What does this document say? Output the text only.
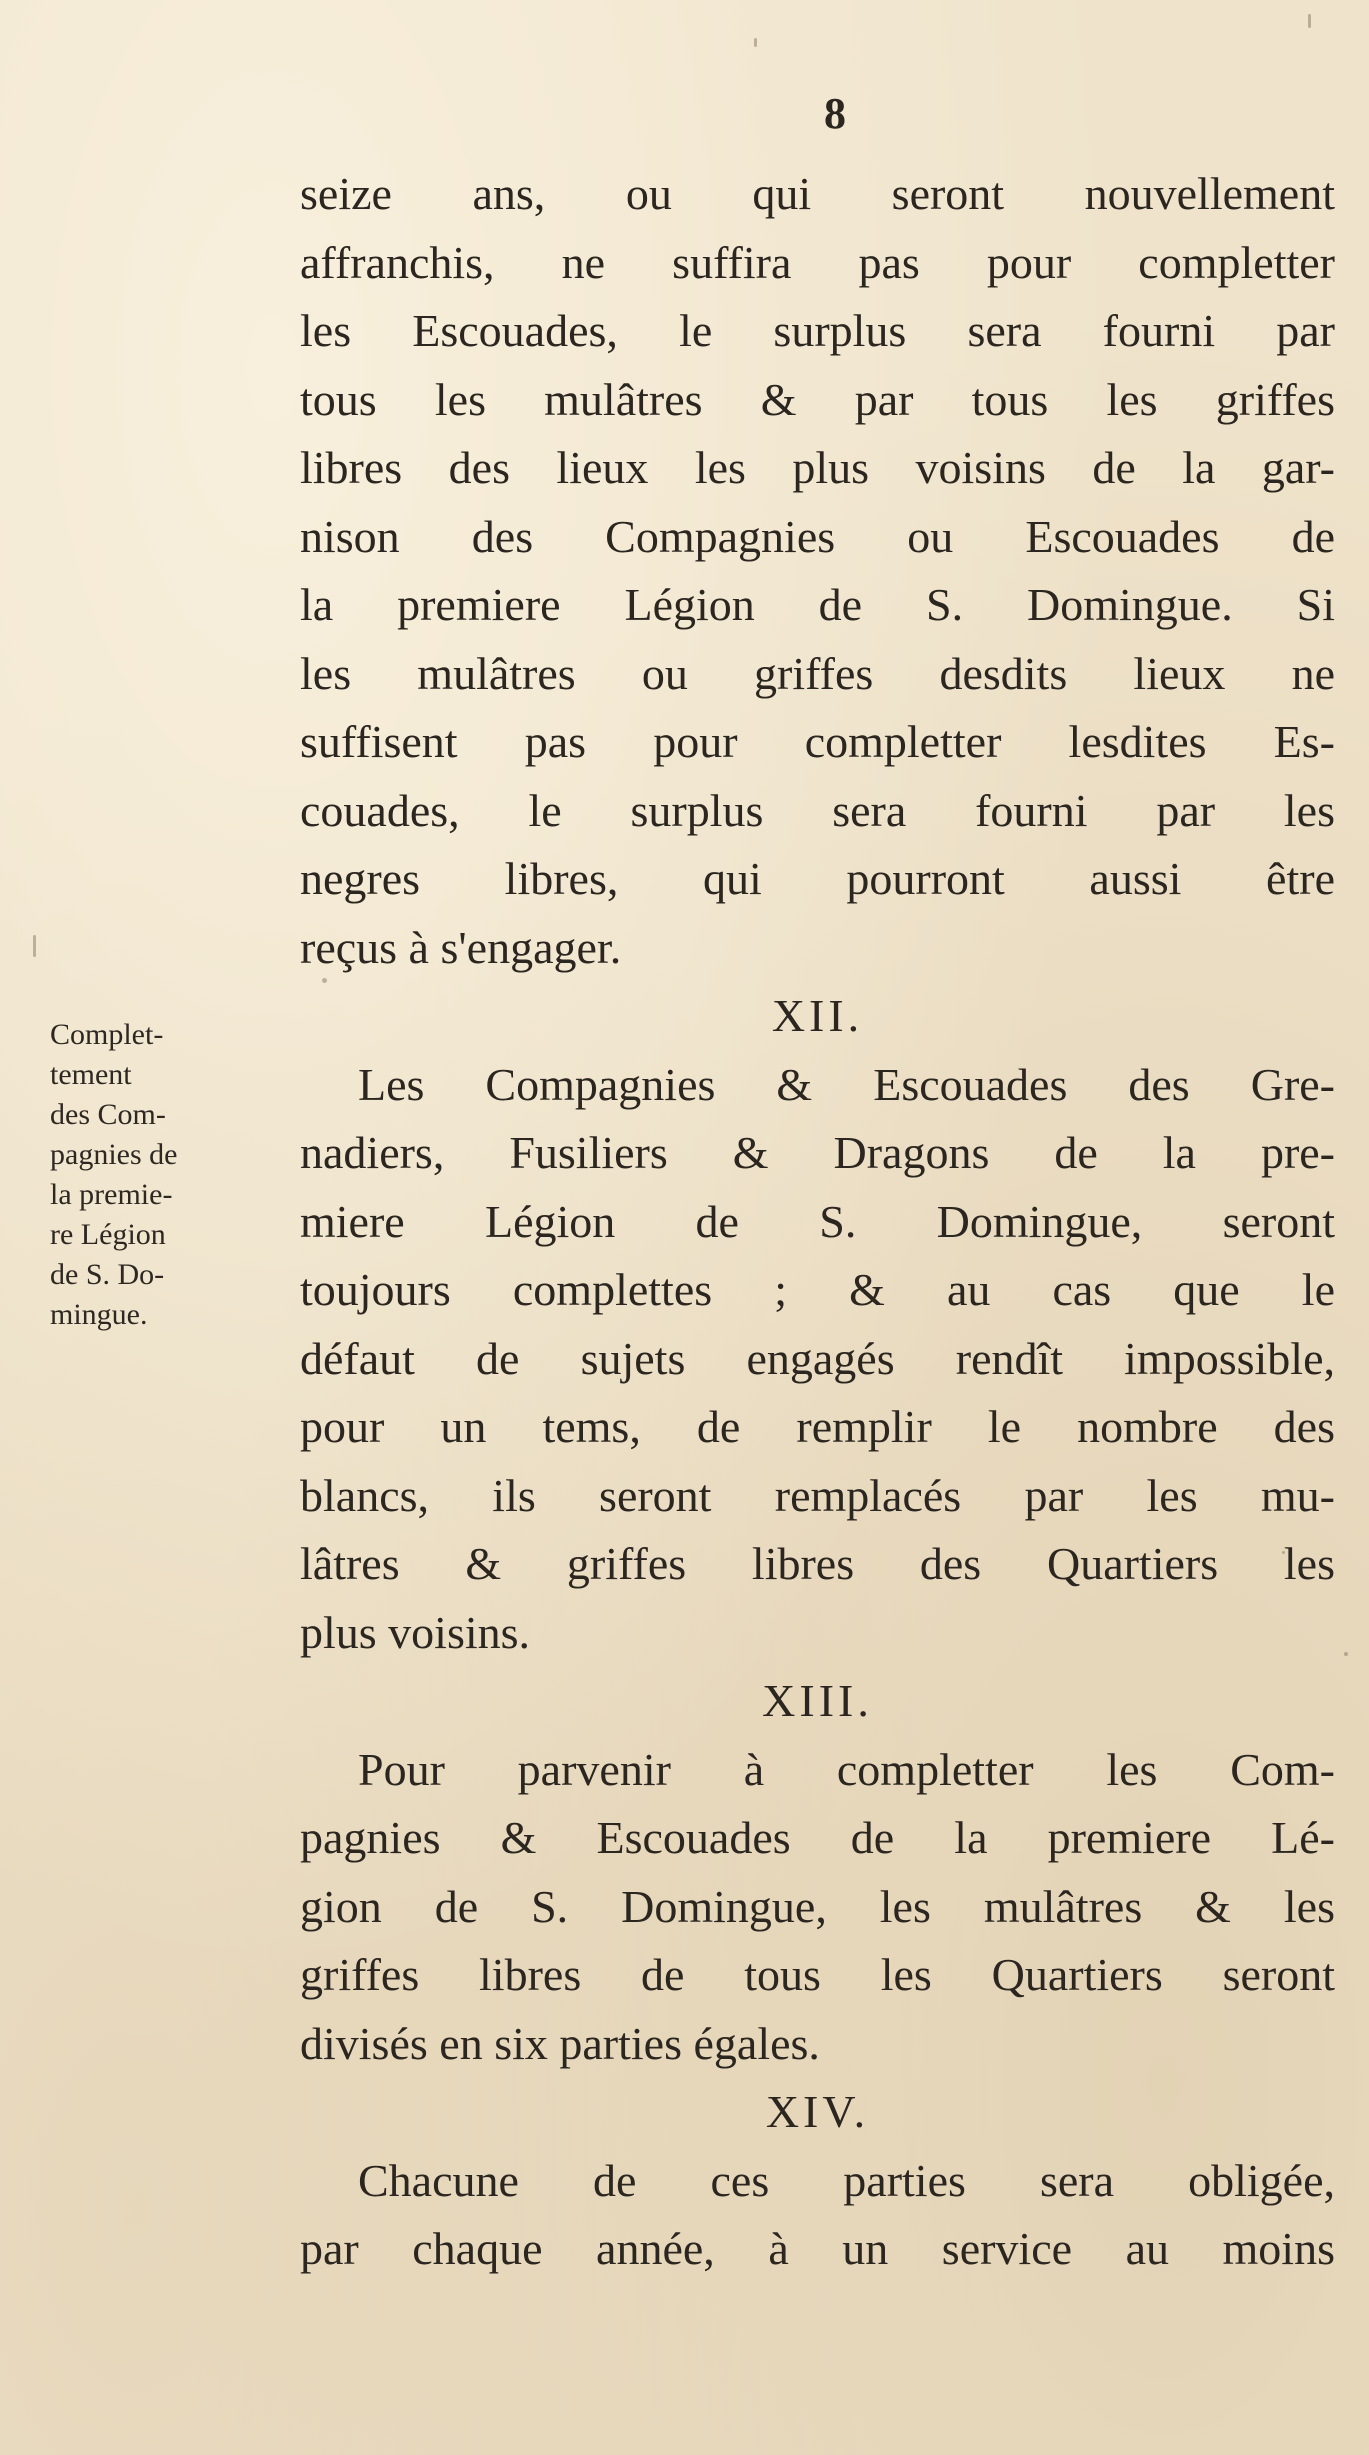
8
Complet-
tement
des Com-
pagnies de
la premie-
re Légion
de S. Do-
mingue.
seize ans, ou qui seront nouvellement
affranchis, ne suffira pas pour completter
les Escouades, le surplus sera fourni par
tous les mulâtres & par tous les griffes
libres des lieux les plus voisins de la gar-
nison des Compagnies ou Escouades de
la premiere Légion de S. Domingue. Si
les mulâtres ou griffes desdits lieux ne
suffisent pas pour completter lesdites Es-
couades, le surplus sera fourni par les
negres libres, qui pourront aussi être
reçus à s'engager.
XII.
Les Compagnies & Escouades des Gre-
nadiers, Fusiliers & Dragons de la pre-
miere Légion de S. Domingue, seront
toujours complettes ; & au cas que le
défaut de sujets engagés rendît impossible,
pour un tems, de remplir le nombre des
blancs, ils seront remplacés par les mu-
lâtres & griffes libres des Quartiers les
plus voisins.
XIII.
Pour parvenir à completter les Com-
pagnies & Escouades de la premiere Lé-
gion de S. Domingue, les mulâtres & les
griffes libres de tous les Quartiers seront
divisés en six parties égales.
XIV.
Chacune de ces parties sera obligée,
par chaque année, à un service au moins
